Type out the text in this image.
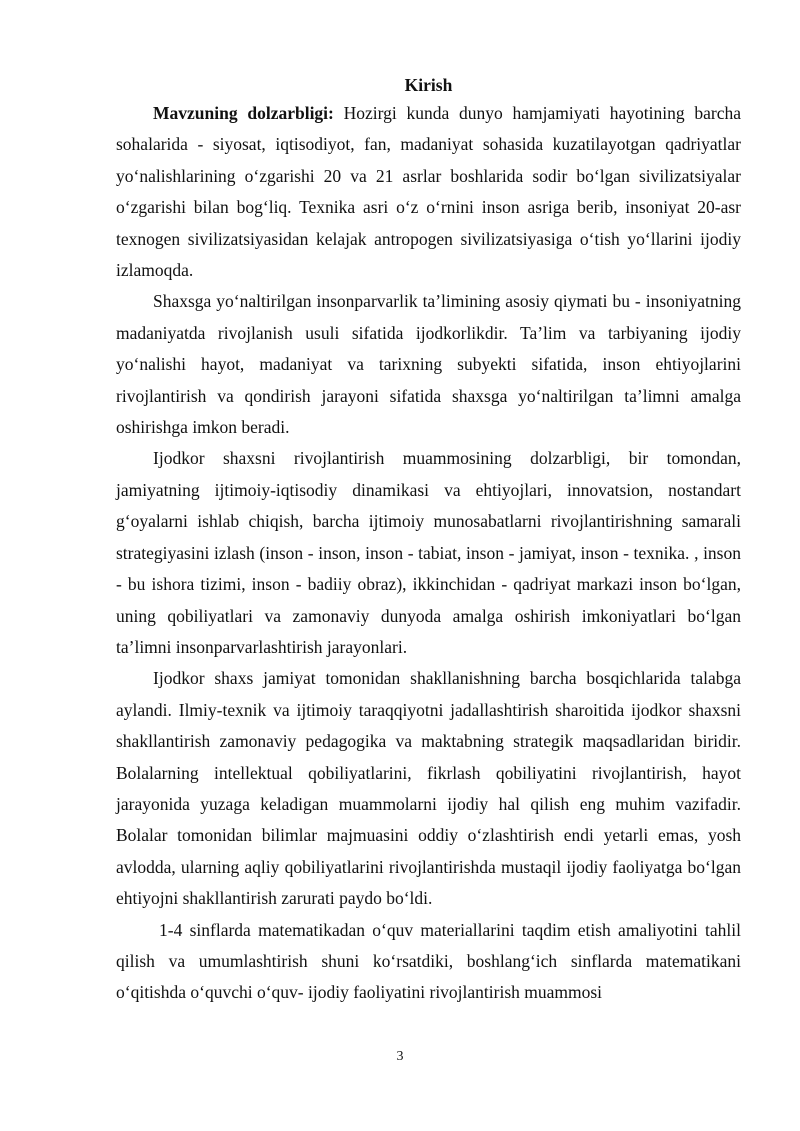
Kirish

Mavzuning dolzarbligi: Hozirgi kunda dunyo hamjamiyati hayotining barcha sohalarida - siyosat, iqtisodiyot, fan, madaniyat sohasida kuzatilayotgan qadriyatlar yo‘nalishlarining o‘zgarishi 20 va 21 asrlar boshlarida sodir bo‘lgan sivilizatsiyalar o‘zgarishi bilan bog‘liq. Texnika asri o‘z o‘rnini inson asriga berib, insoniyat 20-asr texnogen sivilizatsiyasidan kelajak antropogen sivilizatsiyasiga o‘tish yo‘llarini ijodiy izlamoqda.

Shaxsga yo‘naltirilgan insonparvarlik ta’limining asosiy qiymati bu - insoniyatning madaniyatda rivojlanish usuli sifatida ijodkorlikdir. Ta’lim va tarbiyaning ijodiy yo‘nalishi hayot, madaniyat va tarixning subyekti sifatida, inson ehtiyojlarini rivojlantirish va qondirish jarayoni sifatida shaxsga yo‘naltirilgan ta’limni amalga oshirishga imkon beradi.

Ijodkor shaxsni rivojlantirish muammosining dolzarbligi, bir tomondan, jamiyatning ijtimoiy-iqtisodiy dinamikasi va ehtiyojlari, innovatsion, nostandart g‘oyalarni ishlab chiqish, barcha ijtimoiy munosabatlarni rivojlantirishning samarali strategiyasini izlash (inson - inson, inson - tabiat, inson - jamiyat, inson - texnika. , inson - bu ishora tizimi, inson - badiiy obraz), ikkinchidan - qadriyat markazi inson bo‘lgan, uning qobiliyatlari va zamonaviy dunyoda amalga oshirish imkoniyatlari bo‘lgan ta’limni insonparvarlashtirish jarayonlari.

Ijodkor shaxs jamiyat tomonidan shakllanishning barcha bosqichlarida talabga aylandi. Ilmiy-texnik va ijtimoiy taraqqiyotni jadallashtirish sharoitida ijodkor shaxsni shakllantirish zamonaviy pedagogika va maktabning strategik maqsadlaridan biridir. Bolalarning intellektual qobiliyatlarini, fikrlash qobiliyatini rivojlantirish, hayot jarayonida yuzaga keladigan muammolarni ijodiy hal qilish eng muhim vazifadir. Bolalar tomonidan bilimlar majmuasini oddiy o‘zlashtirish endi yetarli emas, yosh avlodda, ularning aqliy qobiliyatlarini rivojlantirishda mustaqil ijodiy faoliyatga bo‘lgan ehtiyojni shakllantirish zarurati paydo bo‘ldi.

1-4 sinflarda matematikadan o‘quv materiallarini taqdim etish amaliyotini tahlil qilish va umumlashtirish shuni ko‘rsatdiki, boshlang‘ich sinflarda matematikani o‘qitishda o‘quvchi o‘quv- ijodiy faoliyatini rivojlantirish muammosi

3
